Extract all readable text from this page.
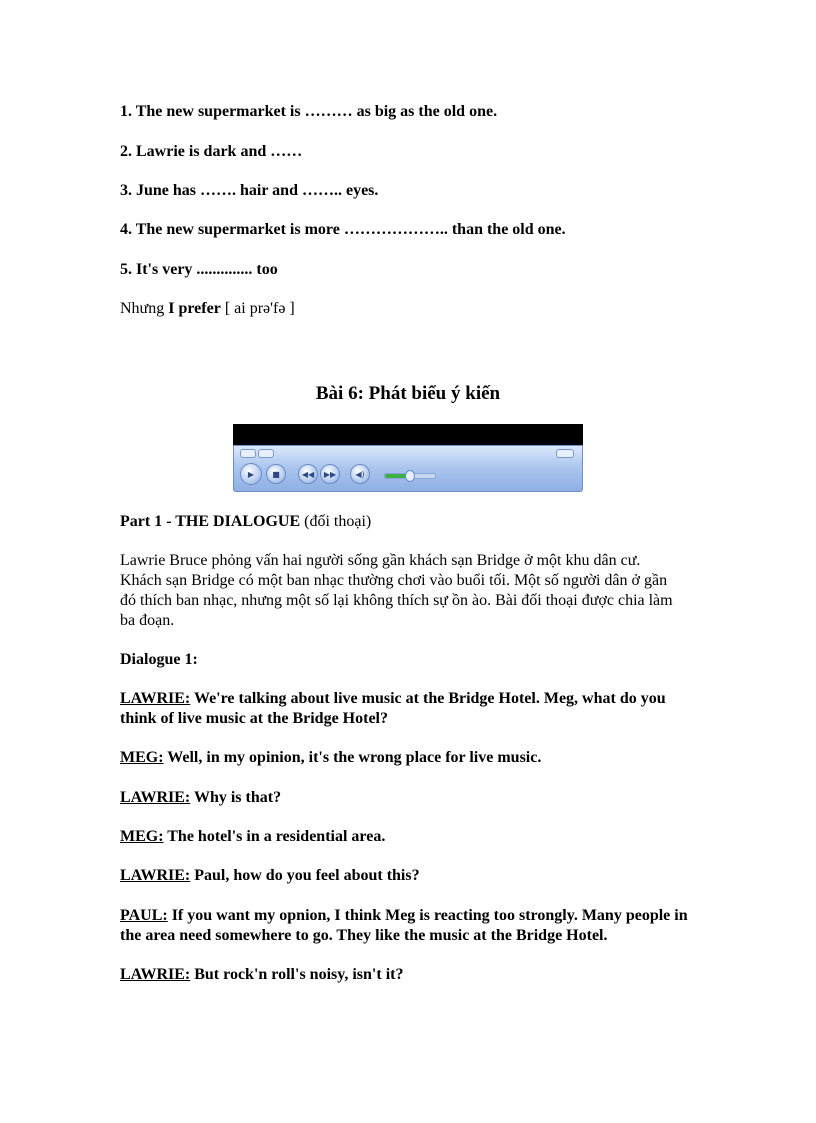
1. The new supermarket is ……… as big as the old one.

2. Lawrie is dark and ……

3. June has ……. hair and …….. eyes.

4. The new supermarket is more ……………….. than the old one.

5. It's very .............. too

Nhưng I prefer [ ai prə'fə ]

Bài 6: Phát biểu ý kiến
▶ ■	◀◀ ▶▶ ◀)

Part 1 - THE DIALOGUE (đối thoại)

Lawrie Bruce phỏng vấn hai người sống gần khách sạn Bridge ở một khu dân cư.

Khách sạn Bridge có một ban nhạc thường chơi vào buổi tối. Một số người dân ở gần

đó thích ban nhạc, nhưng một số lại không thích sự ồn ào. Bài đối thoại được chia làm

ba đoạn.

Dialogue 1:

LAWRIE: We're talking about live music at the Bridge Hotel. Meg, what do you

think of live music at the Bridge Hotel?

MEG: Well, in my opinion, it's the wrong place for live music.

LAWRIE: Why is that?

MEG: The hotel's in a residential area.

LAWRIE: Paul, how do you feel about this?

PAUL: If you want my opnion, I think Meg is reacting too strongly. Many people in

the area need somewhere to go. They like the music at the Bridge Hotel.

LAWRIE: But rock'n roll's noisy, isn't it?
